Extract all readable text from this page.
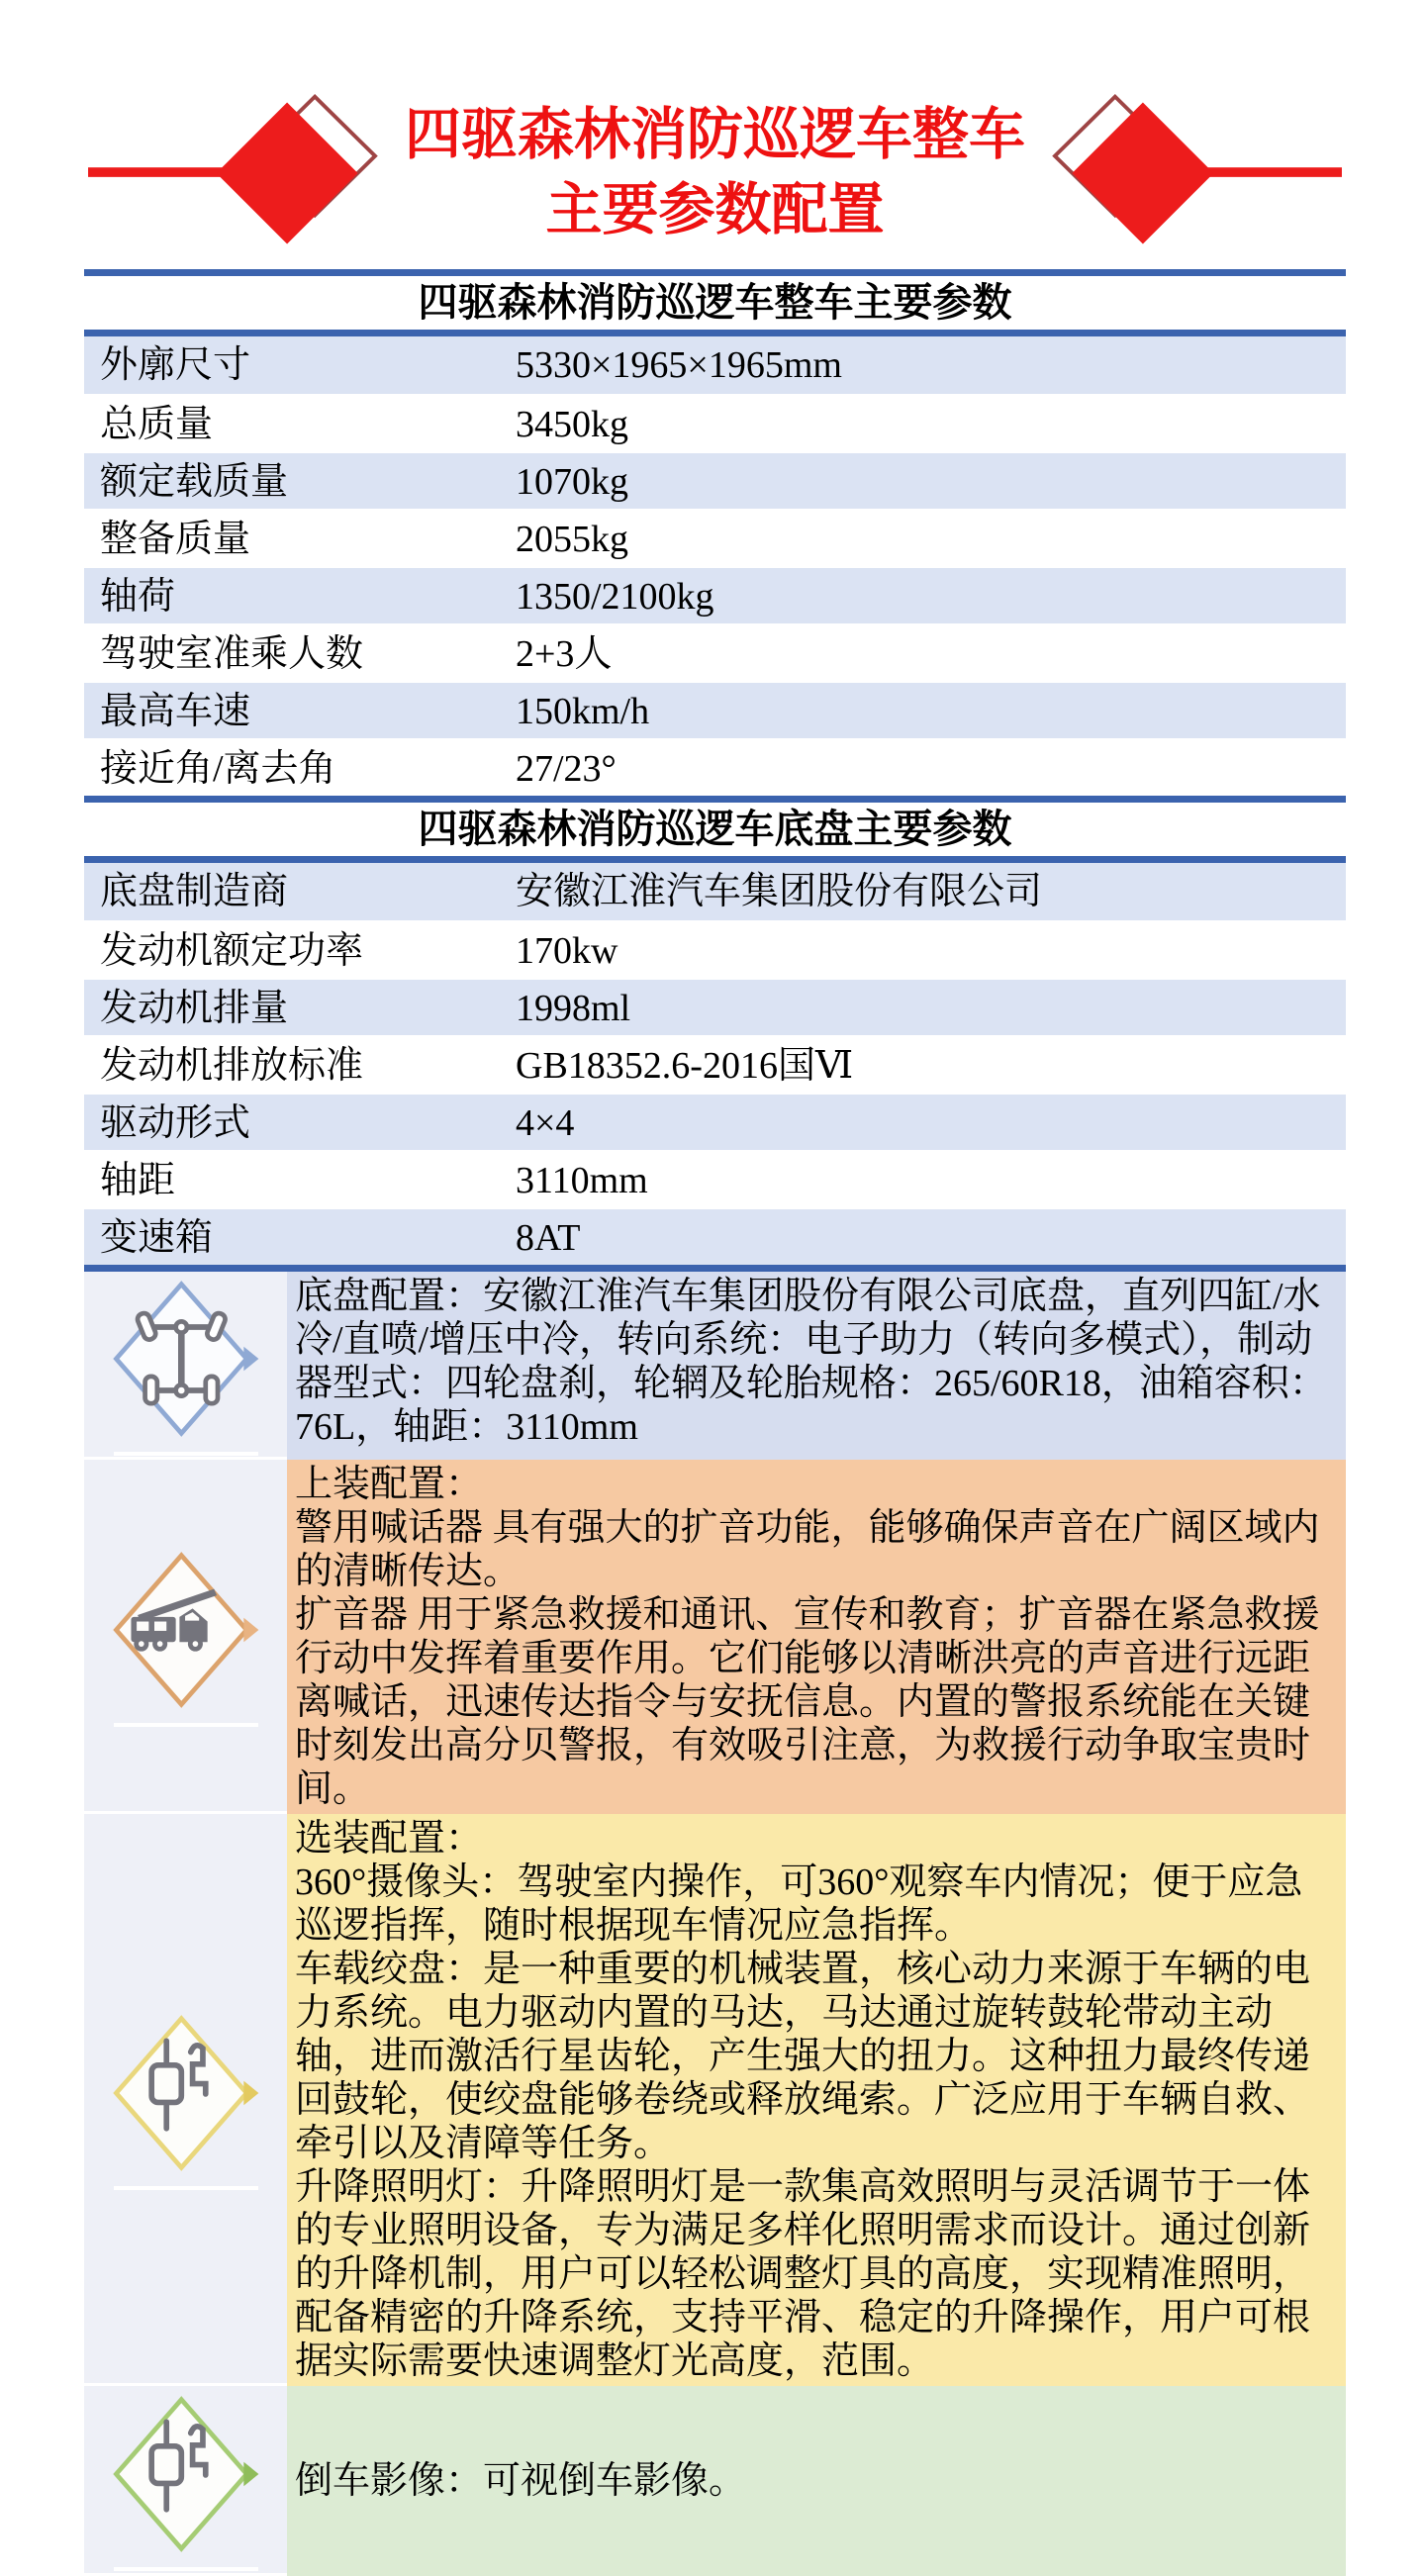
四驱森林消防巡逻车整车
主要参数配置
四驱森林消防巡逻车整车主要参数
外廓尺寸	5330×1965×1965mm
总质量	3450kg
额定载质量	1070kg
整备质量	2055kg
轴荷	1350/2100kg
驾驶室准乘人数	2+3人
最高车速	150km/h
接近角/离去角	27/23°
四驱森林消防巡逻车底盘主要参数
底盘制造商	安徽江淮汽车集团股份有限公司
发动机额定功率	170kw
发动机排量	1998ml
发动机排放标准	GB18352.6-2016国Ⅵ
驱动形式	4×4
轴距	3110mm
变速箱	8AT

底盘配置：安徽江淮汽车集团股份有限公司底盘，直列四缸/水冷/直喷/增压中冷，转向系统：电子助力（转向多模式），制动器型式：四轮盘刹，轮辋及轮胎规格：265/60R18，油箱容积：76L，轴距：3110mm

上装配置：

警用喊话器 具有强大的扩音功能，能够确保声音在广阔区域内的清晰传达。

扩音器 用于紧急救援和通讯、宣传和教育；扩音器在紧急救援行动中发挥着重要作用。它们能够以清晰洪亮的声音进行远距离喊话，迅速传达指令与安抚信息。内置的警报系统能在关键时刻发出高分贝警报，有效吸引注意，为救援行动争取宝贵时间。

选装配置：

360°摄像头：驾驶室内操作，可360°观察车内情况；便于应急巡逻指挥，随时根据现车情况应急指挥。

车载绞盘：是一种重要的机械装置，核心动力来源于车辆的电力系统。电力驱动内置的马达，马达通过旋转鼓轮带动主动轴，进而激活行星齿轮，产生强大的扭力。这种扭力最终传递回鼓轮，使绞盘能够卷绕或释放绳索。广泛应用于车辆自救、牵引以及清障等任务。

升降照明灯：升降照明灯是一款集高效照明与灵活调节于一体的专业照明设备，专为满足多样化照明需求而设计。通过创新的升降机制，用户可以轻松调整灯具的高度，实现精准照明，配备精密的升降系统，支持平滑、稳定的升降操作，用户可根据实际需要快速调整灯光高度，范围。

倒车影像：可视倒车影像。
